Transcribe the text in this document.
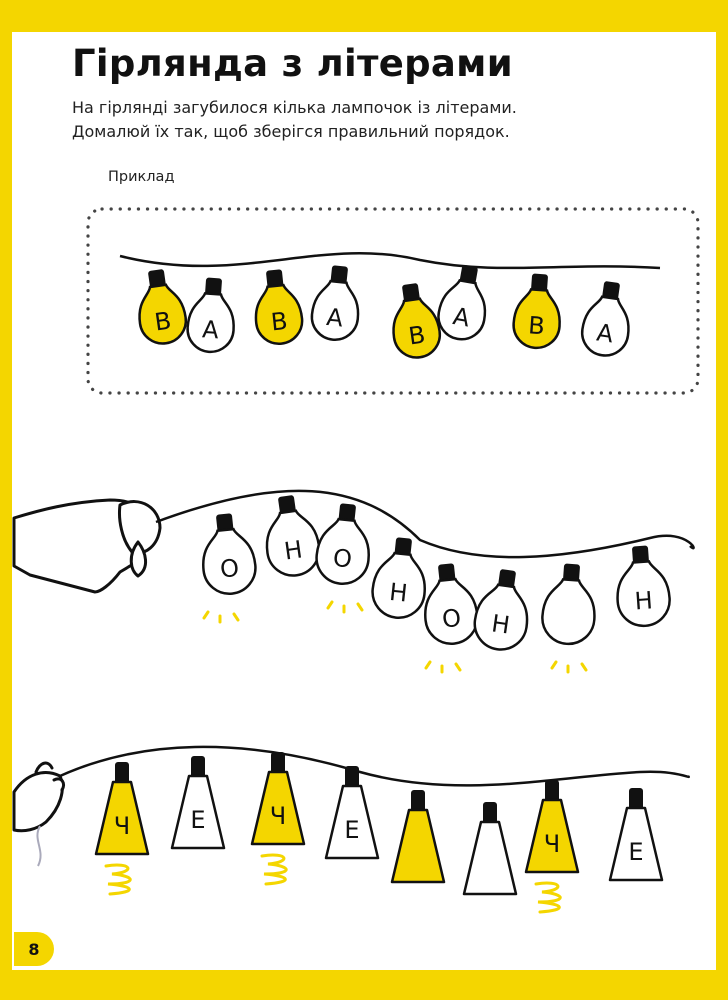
В А В А
В
А В А
О
Н О
Н
О Н
Н
Ч	Е	Ч Е	Ч	Е
Гірлянда з літерами

На гірлянді загубилося кілька лампочок із літерами.
Домалюй їх так, щоб зберігся правильний порядок.

Приклад

8
